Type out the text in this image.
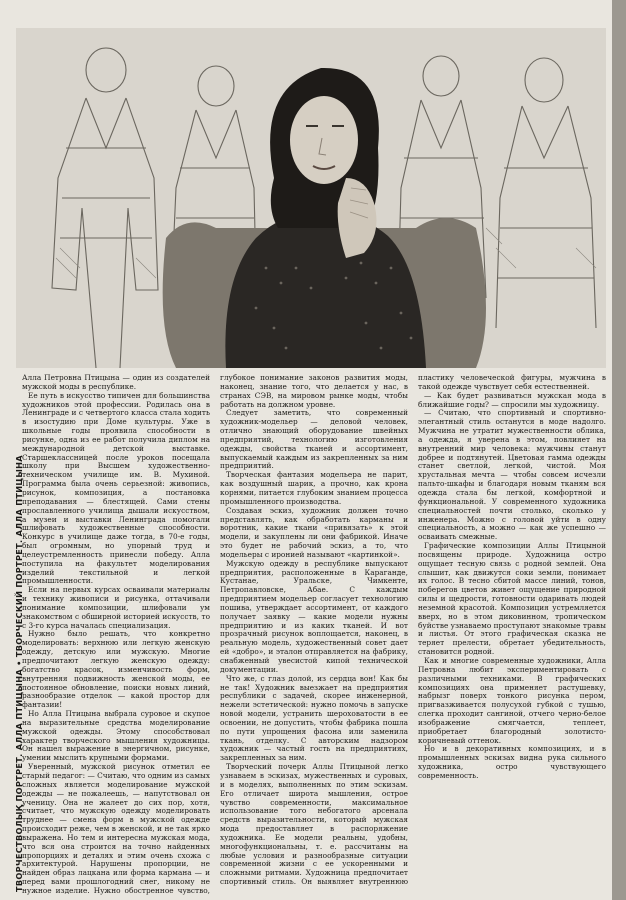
ТВОРЧЕСТВОЛЫҚ ПОРТРЕТ. АЛЛА ПТИЦЫНА • ТВОРЧЕСКИЙ ПОРТРЕТ. АЛЛА ПТИЦЫНА

Алла Петровна Птицына — один из создателей мужской моды в республике.

Ее путь в искусство типичен для большинства художников этой профессии. Родилась она в Ленинграде и с четвертого класса стала ходить в изостудию при Доме культуры. Уже в школьные годы проявила способности в рисунке, одна из ее работ получила диплом на международной детской выставке. Старшеклассницей после уроков посещала школу при Высшем художественно-техническом училище им. В. Мухиной. Программа была очень серьезной: живопись, рисунок, композиция, а постановка преподавания — блестящей. Сами стены прославленного училища дышали искусством, а музеи и выставки Ленинграда помогали шлифовать художественные способности. Конкурс в училище даже тогда, в 70-е годы, был огромным, но упорный труд и целеустремленность принесли победу. Алла поступила на факультет моделирования изделий текстильной и легкой промышленности.

Если на первых курсах осваивали материалы и технику живописи и рисунка, оттачивали понимание композиции, шлифовали ум знакомством с обширной историей искусств, то с 3-го курса началась специализация.

Нужно было решать, что конкретно моделировать: верхнюю или легкую женскую одежду, детскую или мужскую. Многие предпочитают легкую женскую одежду: богатство красок, изменчивость форм, внутренняя подвижность женской моды, ее постоянное обновление, поиски новых линий, разнообразие отделок — какой простор для фантазии!

Но Алла Птицына выбрала суровое и скупое на выразительные средства моделирование мужской одежды. Этому способствовал характер творческого мышления художницы. Он нашел выражение в энергичном, рисунке, умении мыслить крупными формами.

Уверенный, мужской рисунок отметил ее старый педагог: — Считаю, что одним из самых сложных является моделирование мужской одежды — не пожалеешь, — напутствовал он ученицу. Она не жалеет до сих пор, хотя, считает, что мужскую одежду моделировать труднее — смена форм в мужской одежде происходит реже, чем в женской, и не так ярко выражена. Но тем и интересна мужская мода, что вся она строится на точно найденных пропорциях и деталях и этим очень схожа с архитектурой. Нарушены пропорции, не найден образ лацкана или форма кармана — и перед вами прошлогодний снег, никому не нужное изделие. Нужно обостренное чувство, глубокое понимание законов развития моды, наконец, знание того, что делается у нас, в странах СЭВ, на мировом рынке моды, чтобы работать на должном уровне.

Следует заметить, что современный художник-модельер — деловой человек, отлично знающий оборудование швейных предприятий, технологию изготовления одежды, свойства тканей и ассортимент, выпускаемый каждым из закрепленных за ним предприятий.

Творческая фантазия модельера не парит, как воздушный шарик, а прочно, как крона корнями, питается глубоким знанием процесса промышленного производства.

Создавая эскиз, художник должен точно представлять, как обработать карманы и воротник, какие ткани «привязать» к этой модели, и закуплены ли они фабрикой. Иначе это будет не рабочий эскиз, а то, что модельеры с иронией называют «картинкой».

Мужскую одежду в республике выпускают предприятия, расположенные в Караганде, Кустанае, Уральске, Чимкенте, Петропавловске, Абае. С каждым предприятием модельер согласует технологию пошива, утверждает ассортимент, от каждого получает заявку — какие модели нужны предприятию и из каких тканей. И вот прозрачный рисунок воплощается, наконец, в реальную модель, художественный совет дает ей «добро», и эталон отправляется на фабрику, снабженный увесистой кипой технической документации.

Что же, с глаз долой, из сердца вон! Как бы не так! Художник выезжает на предприятия республики с задачей, скорее инженерной, нежели эстетической: нужно помочь в запуске новой модели, устранить шероховатости в ее освоении, не допустить, чтобы фабрика пошла по пути упрощения фасона или заменила ткань, отделку. С авторским надзором художник — частый гость на предприятиях, закрепленных за ним.

Творческий почерк Аллы Птицыной легко узнаваем в эскизах, мужественных и суровых, и в моделях, выполненных по этим эскизам. Его отличает широта мышления, острое чувство современности, максимальное использование того небогатого арсенала средств выразительности, который мужская мода предоставляет в распоряжение художника. Ее модели реальны, удобны, многофункциональны, т. е. рассчитаны на любые условия и разнообразные ситуации современной жизни с ее ускоренными и сложными ритмами. Художница предпочитает спортивный стиль. Он выявляет внутреннюю пластику человеческой фигуры, мужчина в такой одежде чувствует себя естественней.

— Как будет развиваться мужская мода в ближайшие годы? — спросили мы художницу.

— Считаю, что спортивный и спортивно-элегантный стиль останутся в моде надолго. Мужчина не утратит мужественности облика, а одежда, я уверена в этом, повлияет на внутренний мир человека: мужчины станут добрее и подтянутей. Цветовая гамма одежды станет светлой, легкой, чистой. Моя хрустальная мечта — чтобы совсем исчезли пальто-шкафы и благодаря новым тканям вся одежда стала бы легкой, комфортной и функциональной. У современного художника специальностей почти столько, сколько у инженера. Можно с головой уйти в одну специальность, а можно — как же успешно — осваивать смежные.

Графические композиции Аллы Птицыной посвящены природе. Художница остро ощущает тесную связь с родной землей. Она слышит, как движутся соки земли, понимает их голос. В тесно сбитой массе линий, тонов, поберегов цветов живет ощущение природной силы и щедрости, готовности одаривать людей неземной красотой. Композиция устремляется вверх, но в этом диковинном, тропическом буйстве узнаваемо проступают знакомые травы и листья. От этого графическая сказка не теряет прелести, обретает убедительность, становится родной.

Как и многие современные художники, Алла Петровна любит экспериментировать с различными техниками. В графических композициях она применяет растушевку, набрызг поверх тонкого рисунка пером, пригвазживается полусухой губкой с тушью, слегка проходит сангиной, отчего черно-белое изображение смягчается, теплеет, приобретает благородный золотисто-коричневый оттенок.

Но и в декоративных композициях, и в промышленных эскизах видна рука сильного художника, остро чувствующего современность.
